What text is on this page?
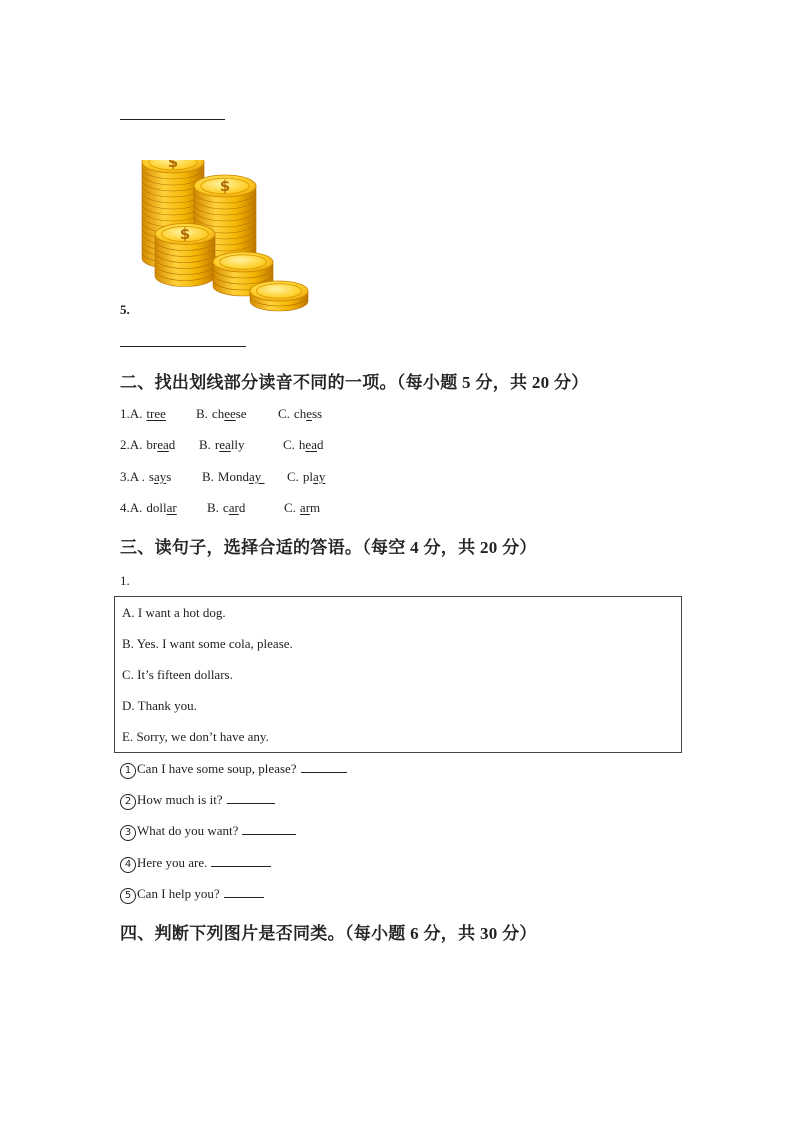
$
$
$
5.
二、找出划线部分读音不同的一项。（每小题 5 分，共 20 分）
1.A. tree B. cheese C. chess
2.A. bread B. really	C. head
3.A . says B. Monday C. play
4.A. dollar B. card	C. arm
三、读句子，选择合适的答语。（每空 4 分，共 20 分）
1.
A. I want a hot dog.
B. Yes. I want some cola, please.
C. It’s fifteen dollars.
D. Thank you.
E. Sorry, we don’t have any.
1 Can I have some soup, please?
2 How much is it?
3 What do you want?
4 Here you are.
5 Can I help you?
四、判断下列图片是否同类。（每小题 6 分，共 30 分）
